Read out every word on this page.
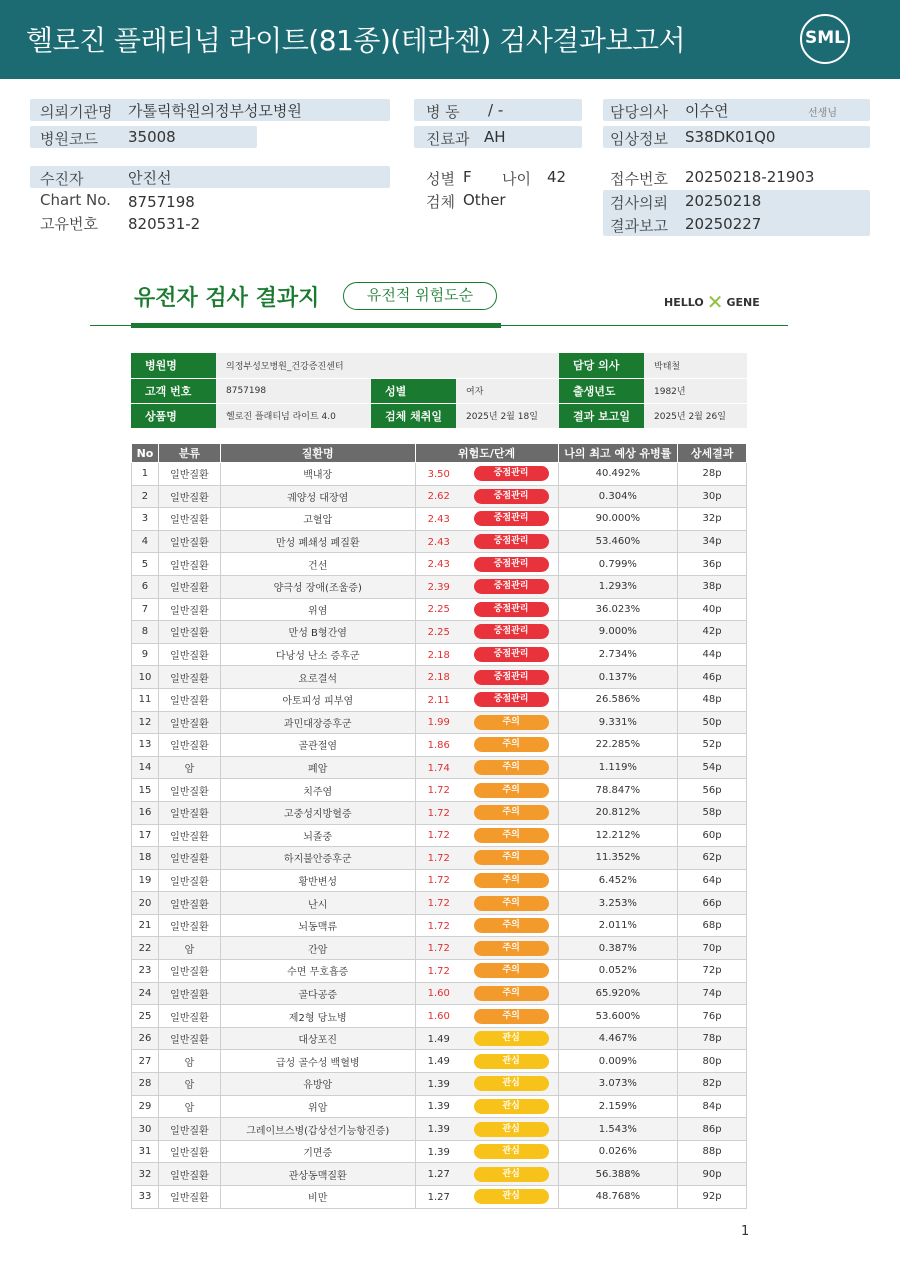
헬로진 플래티넘 라이트(81종)(테라젠) 검사결과보고서	SML
의뢰기관명 가톨릭학원의정부성모병원
병원코드 35008
병 동 / -
진료과 AH
담당의사 이수연	선생님
임상정보 S38DK01Q0
수진자	안진선
Chart No. 8757198
고유번호 820531-2
성별 F 나이 42
검체 Other
접수번호 20250218-21903
검사의뢰 20250218
결과보고 20250227
유전자 검사 결과지	유전적 위험도순	HELLO ✕ GENE
병원명	의정부성모병원_건강증진센터			담당 의사	박태철
고객 번호	8757198	성별	여자	출생년도	1982년
상품명	헬로진 플래티넘 라이트 4.0	검체 채취일	2025년 2월 18일	결과 보고일	2025년 2월 26일
No	분류	질환명	위험도/단계	나의 최고 예상 유병률	상세결과
1	일반질환	백내장	3.50 중점관리	40.492%	28p
2	일반질환	궤양성 대장염	2.62 중점관리	0.304%	30p
3	일반질환	고혈압	2.43 중점관리	90.000%	32p
4	일반질환	만성 폐쇄성 폐질환	2.43 중점관리	53.460%	34p
5	일반질환	건선	2.43 중점관리	0.799%	36p
6	일반질환	양극성 장애(조울증)	2.39 중점관리	1.293%	38p
7	일반질환	위염	2.25 중점관리	36.023%	40p
8	일반질환	만성 B형간염	2.25 중점관리	9.000%	42p
9	일반질환	다낭성 난소 증후군	2.18 중점관리	2.734%	44p
10	일반질환	요로결석	2.18 중점관리	0.137%	46p
11	일반질환	아토피성 피부염	2.11 중점관리	26.586%	48p
12	일반질환	과민대장증후군	1.99 주의	9.331%	50p
13	일반질환	골관절염	1.86 주의	22.285%	52p
14	암	폐암	1.74 주의	1.119%	54p
15	일반질환	치주염	1.72 주의	78.847%	56p
16	일반질환	고중성지방혈증	1.72 주의	20.812%	58p
17	일반질환	뇌졸중	1.72 주의	12.212%	60p
18	일반질환	하지불안증후군	1.72 주의	11.352%	62p
19	일반질환	황반변성	1.72 주의	6.452%	64p
20	일반질환	난시	1.72 주의	3.253%	66p
21	일반질환	뇌동맥류	1.72 주의	2.011%	68p
22	암	간암	1.72 주의	0.387%	70p
23	일반질환	수면 무호흡증	1.72 주의	0.052%	72p
24	일반질환	골다공증	1.60 주의	65.920%	74p
25	일반질환	제2형 당뇨병	1.60 주의	53.600%	76p
26	일반질환	대상포진	1.49 관심	4.467%	78p
27	암	급성 골수성 백혈병	1.49 관심	0.009%	80p
28	암	유방암	1.39 관심	3.073%	82p
29	암	위암	1.39 관심	2.159%	84p
30	일반질환	그레이브스병(갑상선기능항진증)	1.39 관심	1.543%	86p
31	일반질환	기면증	1.39 관심	0.026%	88p
32	일반질환	관상동맥질환	1.27 관심	56.388%	90p
33	일반질환	비만	1.27 관심	48.768%	92p
1
